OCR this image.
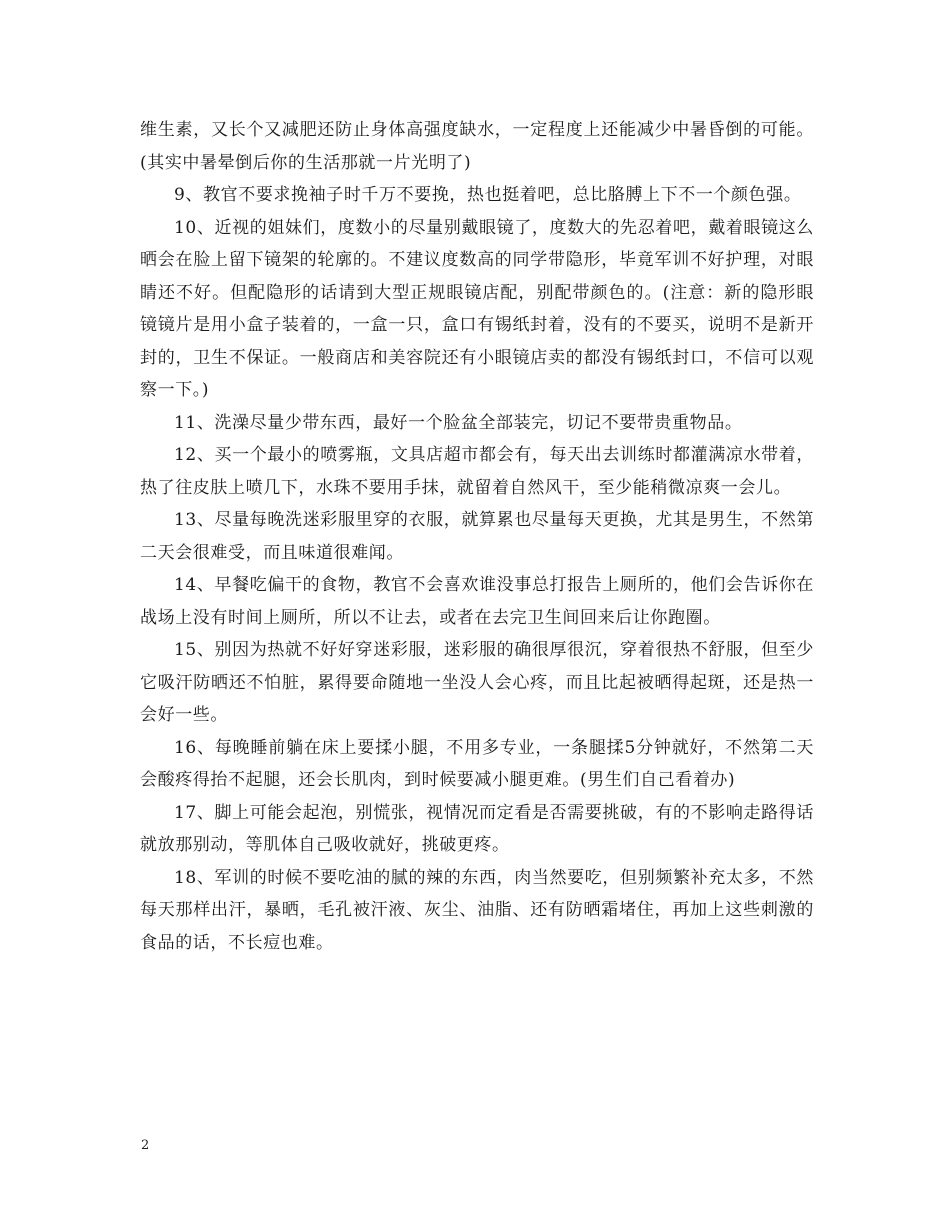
维生素，又长个又减肥还防止身体高强度缺水，一定程度上还能减少中暑昏倒的可能。(其实中暑晕倒后你的生活那就一片光明了)

9、教官不要求挽袖子时千万不要挽，热也挺着吧，总比胳膊上下不一个颜色强。

10、近视的姐妹们，度数小的尽量别戴眼镜了，度数大的先忍着吧，戴着眼镜这么晒会在脸上留下镜架的轮廓的。不建议度数高的同学带隐形，毕竟军训不好护理，对眼睛还不好。但配隐形的话请到大型正规眼镜店配，别配带颜色的。(注意：新的隐形眼镜镜片是用小盒子装着的，一盒一只，盒口有锡纸封着，没有的不要买，说明不是新开封的，卫生不保证。一般商店和美容院还有小眼镜店卖的都没有锡纸封口，不信可以观察一下。)

11、洗澡尽量少带东西，最好一个脸盆全部装完，切记不要带贵重物品。

12、买一个最小的喷雾瓶，文具店超市都会有，每天出去训练时都灌满凉水带着，热了往皮肤上喷几下，水珠不要用手抹，就留着自然风干，至少能稍微凉爽一会儿。

13、尽量每晚洗迷彩服里穿的衣服，就算累也尽量每天更换，尤其是男生，不然第二天会很难受，而且味道很难闻。

14、早餐吃偏干的食物，教官不会喜欢谁没事总打报告上厕所的，他们会告诉你在战场上没有时间上厕所，所以不让去，或者在去完卫生间回来后让你跑圈。

15、别因为热就不好好穿迷彩服，迷彩服的确很厚很沉，穿着很热不舒服，但至少它吸汗防晒还不怕脏，累得要命随地一坐没人会心疼，而且比起被晒得起斑，还是热一会好一些。

16、每晚睡前躺在床上要揉小腿，不用多专业，一条腿揉5分钟就好，不然第二天会酸疼得抬不起腿，还会长肌肉，到时候要减小腿更难。(男生们自己看着办)

17、脚上可能会起泡，别慌张，视情况而定看是否需要挑破，有的不影响走路得话就放那别动，等肌体自己吸收就好，挑破更疼。

18、军训的时候不要吃油的腻的辣的东西，肉当然要吃，但别频繁补充太多，不然每天那样出汗，暴晒，毛孔被汗液、灰尘、油脂、还有防晒霜堵住，再加上这些刺激的食品的话，不长痘也难。

2
